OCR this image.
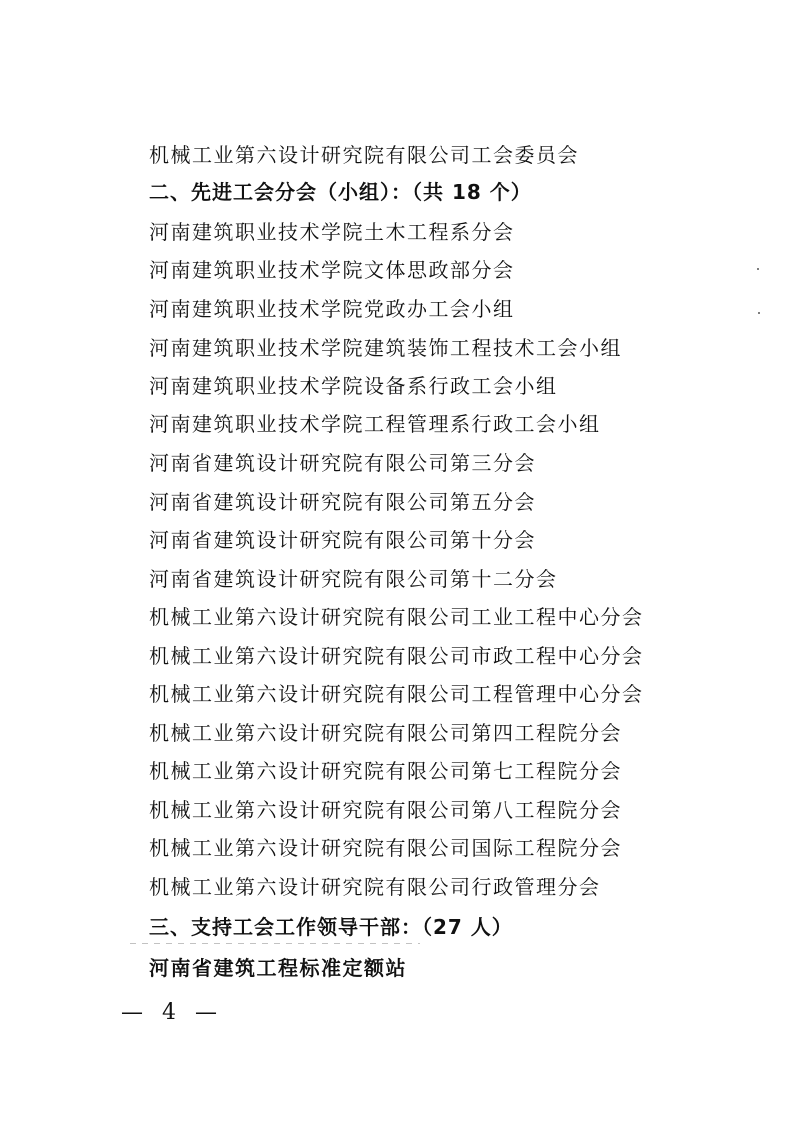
机械工业第六设计研究院有限公司工会委员会
二、先进工会分会（小组）：（共 18 个）
河南建筑职业技术学院土木工程系分会
河南建筑职业技术学院文体思政部分会
河南建筑职业技术学院党政办工会小组
河南建筑职业技术学院建筑装饰工程技术工会小组
河南建筑职业技术学院设备系行政工会小组
河南建筑职业技术学院工程管理系行政工会小组
河南省建筑设计研究院有限公司第三分会
河南省建筑设计研究院有限公司第五分会
河南省建筑设计研究院有限公司第十分会
河南省建筑设计研究院有限公司第十二分会
机械工业第六设计研究院有限公司工业工程中心分会
机械工业第六设计研究院有限公司市政工程中心分会
机械工业第六设计研究院有限公司工程管理中心分会
机械工业第六设计研究院有限公司第四工程院分会
机械工业第六设计研究院有限公司第七工程院分会
机械工业第六设计研究院有限公司第八工程院分会
机械工业第六设计研究院有限公司国际工程院分会
机械工业第六设计研究院有限公司行政管理分会
三、支持工会工作领导干部：（27 人）
河南省建筑工程标准定额站
— 4 —
